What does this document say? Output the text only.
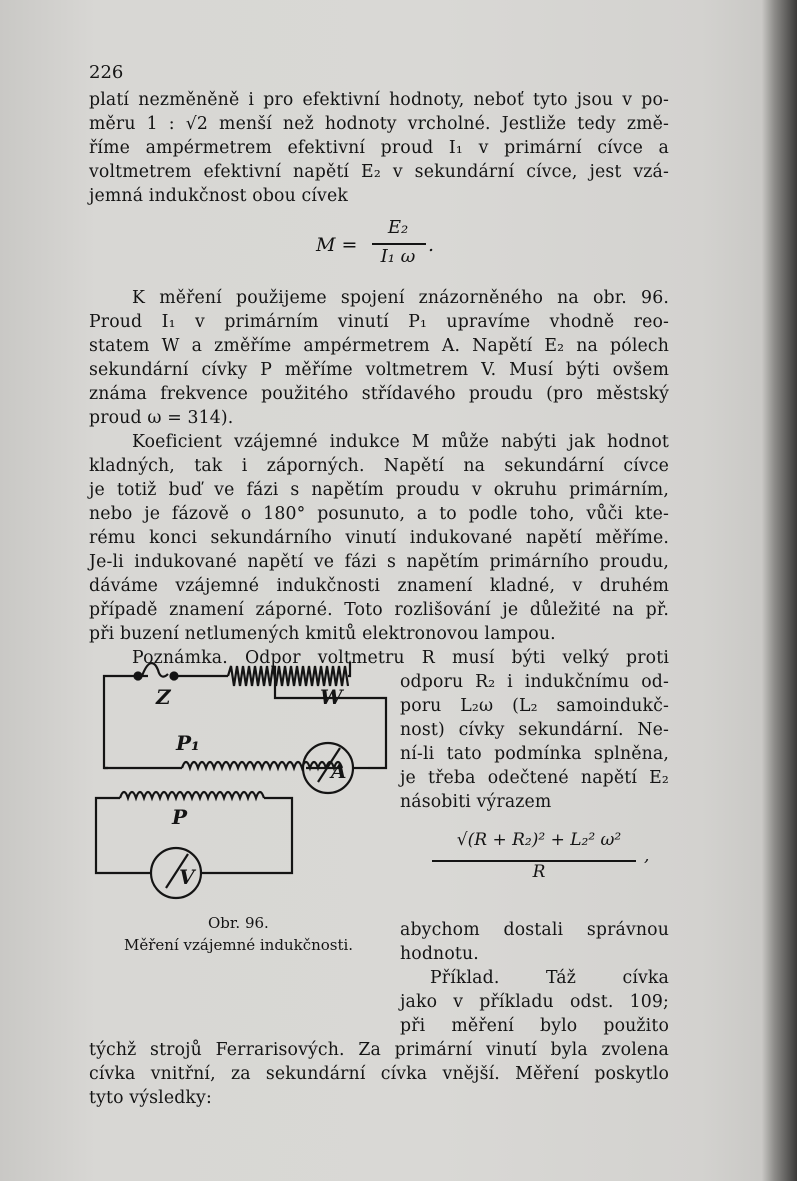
226
platí nezměněně i pro efektivní hodnoty, neboť tyto jsou v po-
měru 1 : √2 menší než hodnoty vrcholné. Jestliže tedy změ-
říme ampérmetrem efektivní proud I₁ v primární cívce a
voltmetrem efektivní napětí E₂ v sekundární cívce, jest vzá-
jemná indukčnost obou cívek
M =
E₂
I₁ ω
.
K měření použijeme spojení znázorněného na obr. 96.
Proud I₁ v primárním vinutí P₁ upravíme vhodně reo-
statem W a změříme ampérmetrem A. Napětí E₂ na pólech
sekundární cívky P měříme voltmetrem V. Musí býti ovšem
známa frekvence použitého střídavého proudu (pro městský
proud ω = 314).
Koeficient vzájemné indukce M může nabýti jak hodnot
kladných, tak i záporných. Napětí na sekundární cívce
je totiž buď ve fázi s napětím proudu v okruhu primárním,
nebo je fázově o 180° posunuto, a to podle toho, vůči kte-
rému konci sekundárního vinutí indukované napětí měříme.
Je-li indukované napětí ve fázi s napětím primárního proudu,
dáváme vzájemné indukčnosti znamení kladné, v druhém
případě znamení záporné. Toto rozlišování je důležité na př.
při buzení netlumených kmitů elektronovou lampou.
Poznámka. Odpor voltmetru R musí býti velký proti
odporu R₂ i indukčnímu od-
poru L₂ω (L₂ samoindukč-
nost) cívky sekundární. Ne-
ní-li tato podmínka splněna,
je třeba odečtené napětí E₂
násobiti výrazem
√(R + R₂)² + L₂² ω²
R
,
abychom dostali správnou
hodnotu.
Příklad. Táž cívka
jako v příkladu odst. 109;
při měření bylo použito
týchž strojů Ferrarisových. Za primární vinutí byla zvolena
cívka vnitřní, za sekundární cívka vnější. Měření poskytlo
tyto výsledky:
Z	W
P₁
P
A
V
Obr. 96.
Měření vzájemné indukčnosti.
